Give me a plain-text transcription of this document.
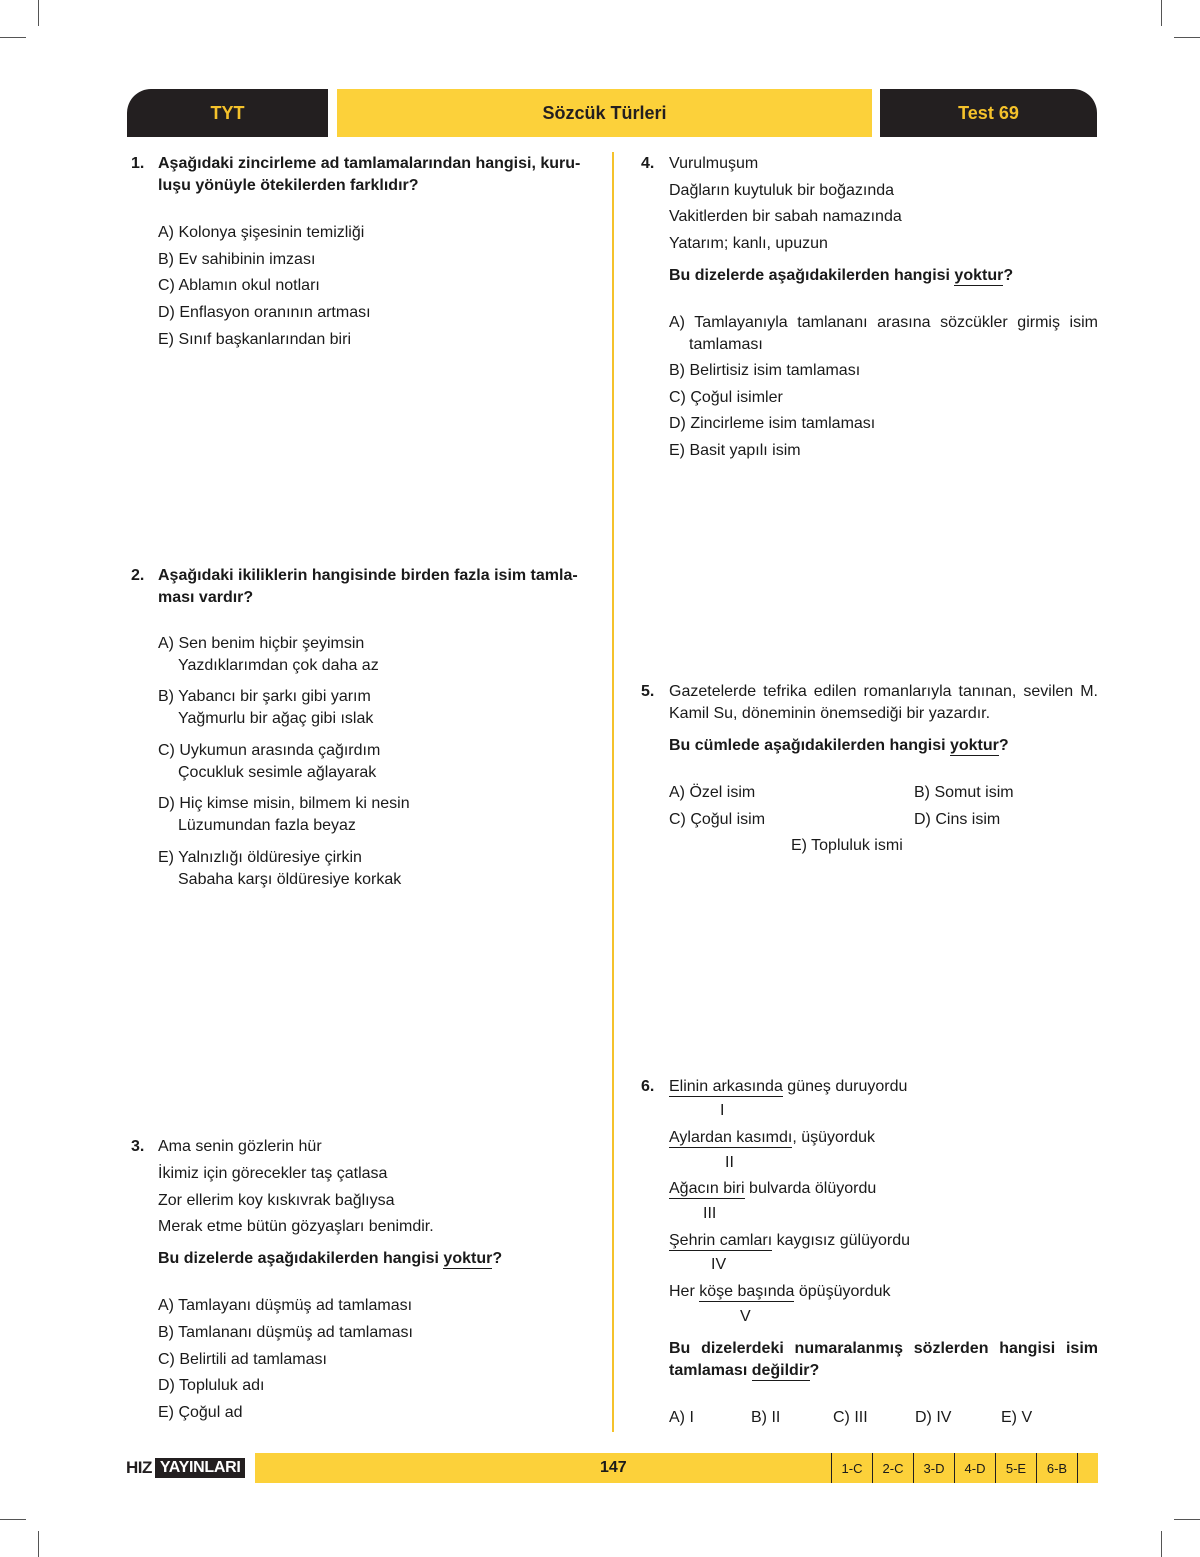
TYT	Sözcük Türleri	Test 69
1. Aşağıdaki zincirleme ad tamlamalarından hangisi, kuru-
luşu yönüyle ötekilerden farklıdır?
A) Kolonya şişesinin temizliği
B) Ev sahibinin imzası
C) Ablamın okul notları
D) Enflasyon oranının artması
E) Sınıf başkanlarından biri
2. Aşağıdaki ikiliklerin hangisinde birden fazla isim tamla-
ması vardır?
A) Sen benim hiçbir şeyimsin
Yazdıklarımdan çok daha az
B) Yabancı bir şarkı gibi yarım
Yağmurlu bir ağaç gibi ıslak
C) Uykumun arasında çağırdım
Çocukluk sesimle ağlayarak
D) Hiç kimse misin, bilmem ki nesin
Lüzumundan fazla beyaz
E) Yalnızlığı öldüresiye çirkin
Sabaha karşı öldüresiye korkak
3. Ama senin gözlerin hür
İkimiz için görecekler taş çatlasa
Zor ellerim koy kıskıvrak bağlıysa
Merak etme bütün gözyaşları benimdir.
Bu dizelerde aşağıdakilerden hangisi yoktur?
A) Tamlayanı düşmüş ad tamlaması
B) Tamlananı düşmüş ad tamlaması
C) Belirtili ad tamlaması
D) Topluluk adı
E) Çoğul ad
4. Vurulmuşum
Dağların kuytuluk bir boğazında
Vakitlerden bir sabah namazında
Yatarım; kanlı, upuzun
Bu dizelerde aşağıdakilerden hangisi yoktur?
A) Tamlayanıyla tamlananı arasına sözcükler girmiş isim
tamlaması
B) Belirtisiz isim tamlaması
C) Çoğul isimler
D) Zincirleme isim tamlaması
E) Basit yapılı isim
5. Gazetelerde tefrika edilen romanlarıyla tanınan, sevilen M.
Kamil Su, döneminin önemsediği bir yazardır.
Bu cümlede aşağıdakilerden hangisi yoktur?
A) Özel isim	B) Somut isim
C) Çoğul isim	D) Cins isim
E) Topluluk ismi
6. Elinin arkasında güneş duruyordu
I
Aylardan kasımdı, üşüyorduk
II
Ağacın biri bulvarda ölüyordu
III
Şehrin camları kaygısız gülüyordu
IV
Her köşe başında öpüşüyorduk
V
Bu dizelerdeki numaralanmış sözlerden hangisi isim
tamlaması değildir?
A) I	B) II	C) III	D) IV	E) V
HIZ YAYINLARI	147	1-C	2-C	3-D	4-D	5-E	6-B
